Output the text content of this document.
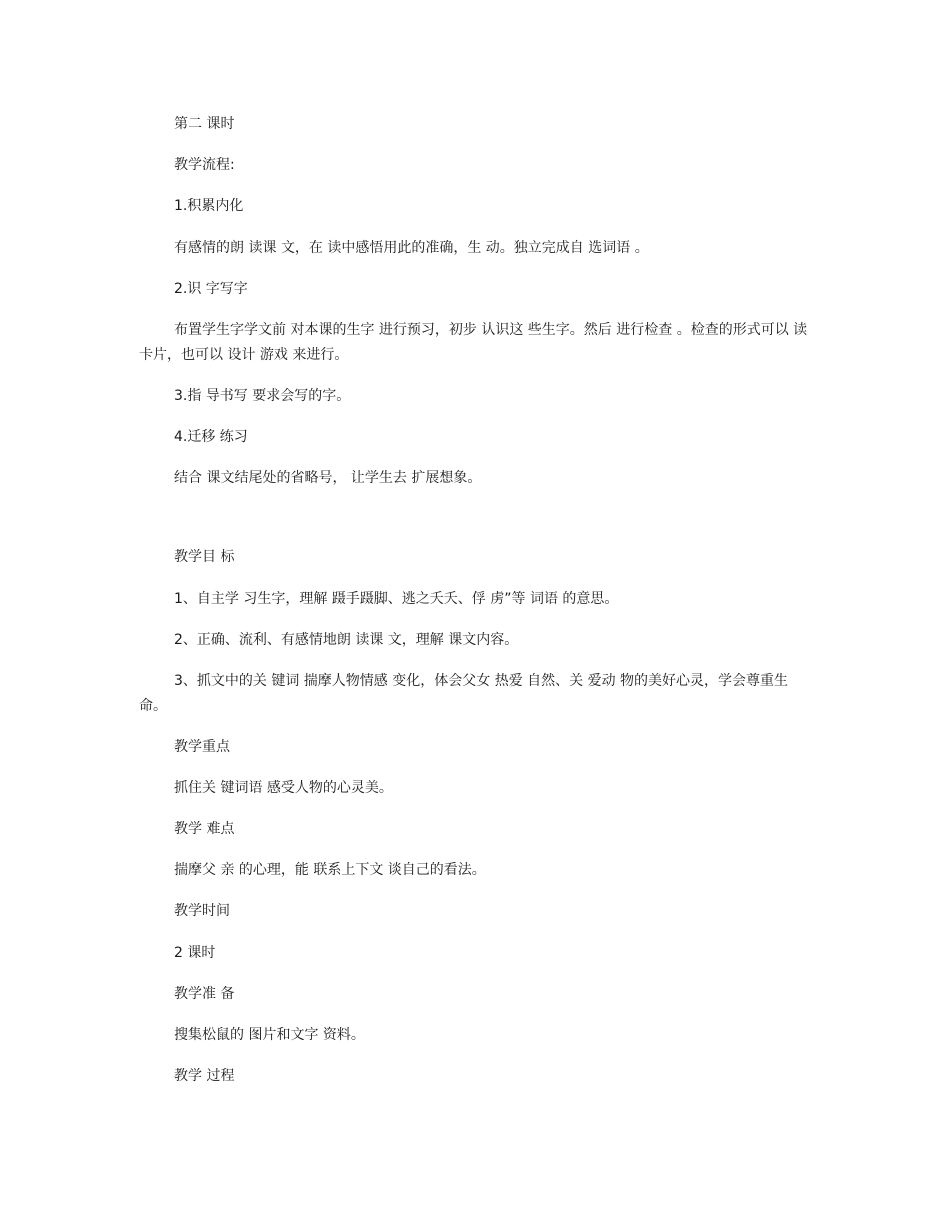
第二 课时
教学流程:
1.积累内化
有感情的朗 读课 文，在 读中感悟用此的准确，生 动。独立完成自 选词语 。
2.识 字写字
布置学生字学文前 对本课的生字 进行预习，初步 认识这 些生字。然后 进行检查 。检查的形式可以 读卡片，也可以 设计 游戏 来进行。
3.指 导书写 要求会写的字。
4.迁移 练习
结合 课文结尾处的省略号， 让学生去 扩展想象。
教学目 标
1、自主学 习生字，理解 蹑手蹑脚、逃之夭夭、俘 虏”等 词语 的意思。
2、正确、流利、有感情地朗 读课 文，理解 课文内容。
3、抓文中的关 键词 揣摩人物情感 变化，体会父女 热爱 自然、关 爱动 物的美好心灵，学会尊重生命。
教学重点
抓住关 键词语 感受人物的心灵美。
教学 难点
揣摩父 亲 的心理，能 联系上下文 谈自己的看法。
教学时间
2 课时
教学准 备
搜集松鼠的 图片和文字 资料。
教学 过程
